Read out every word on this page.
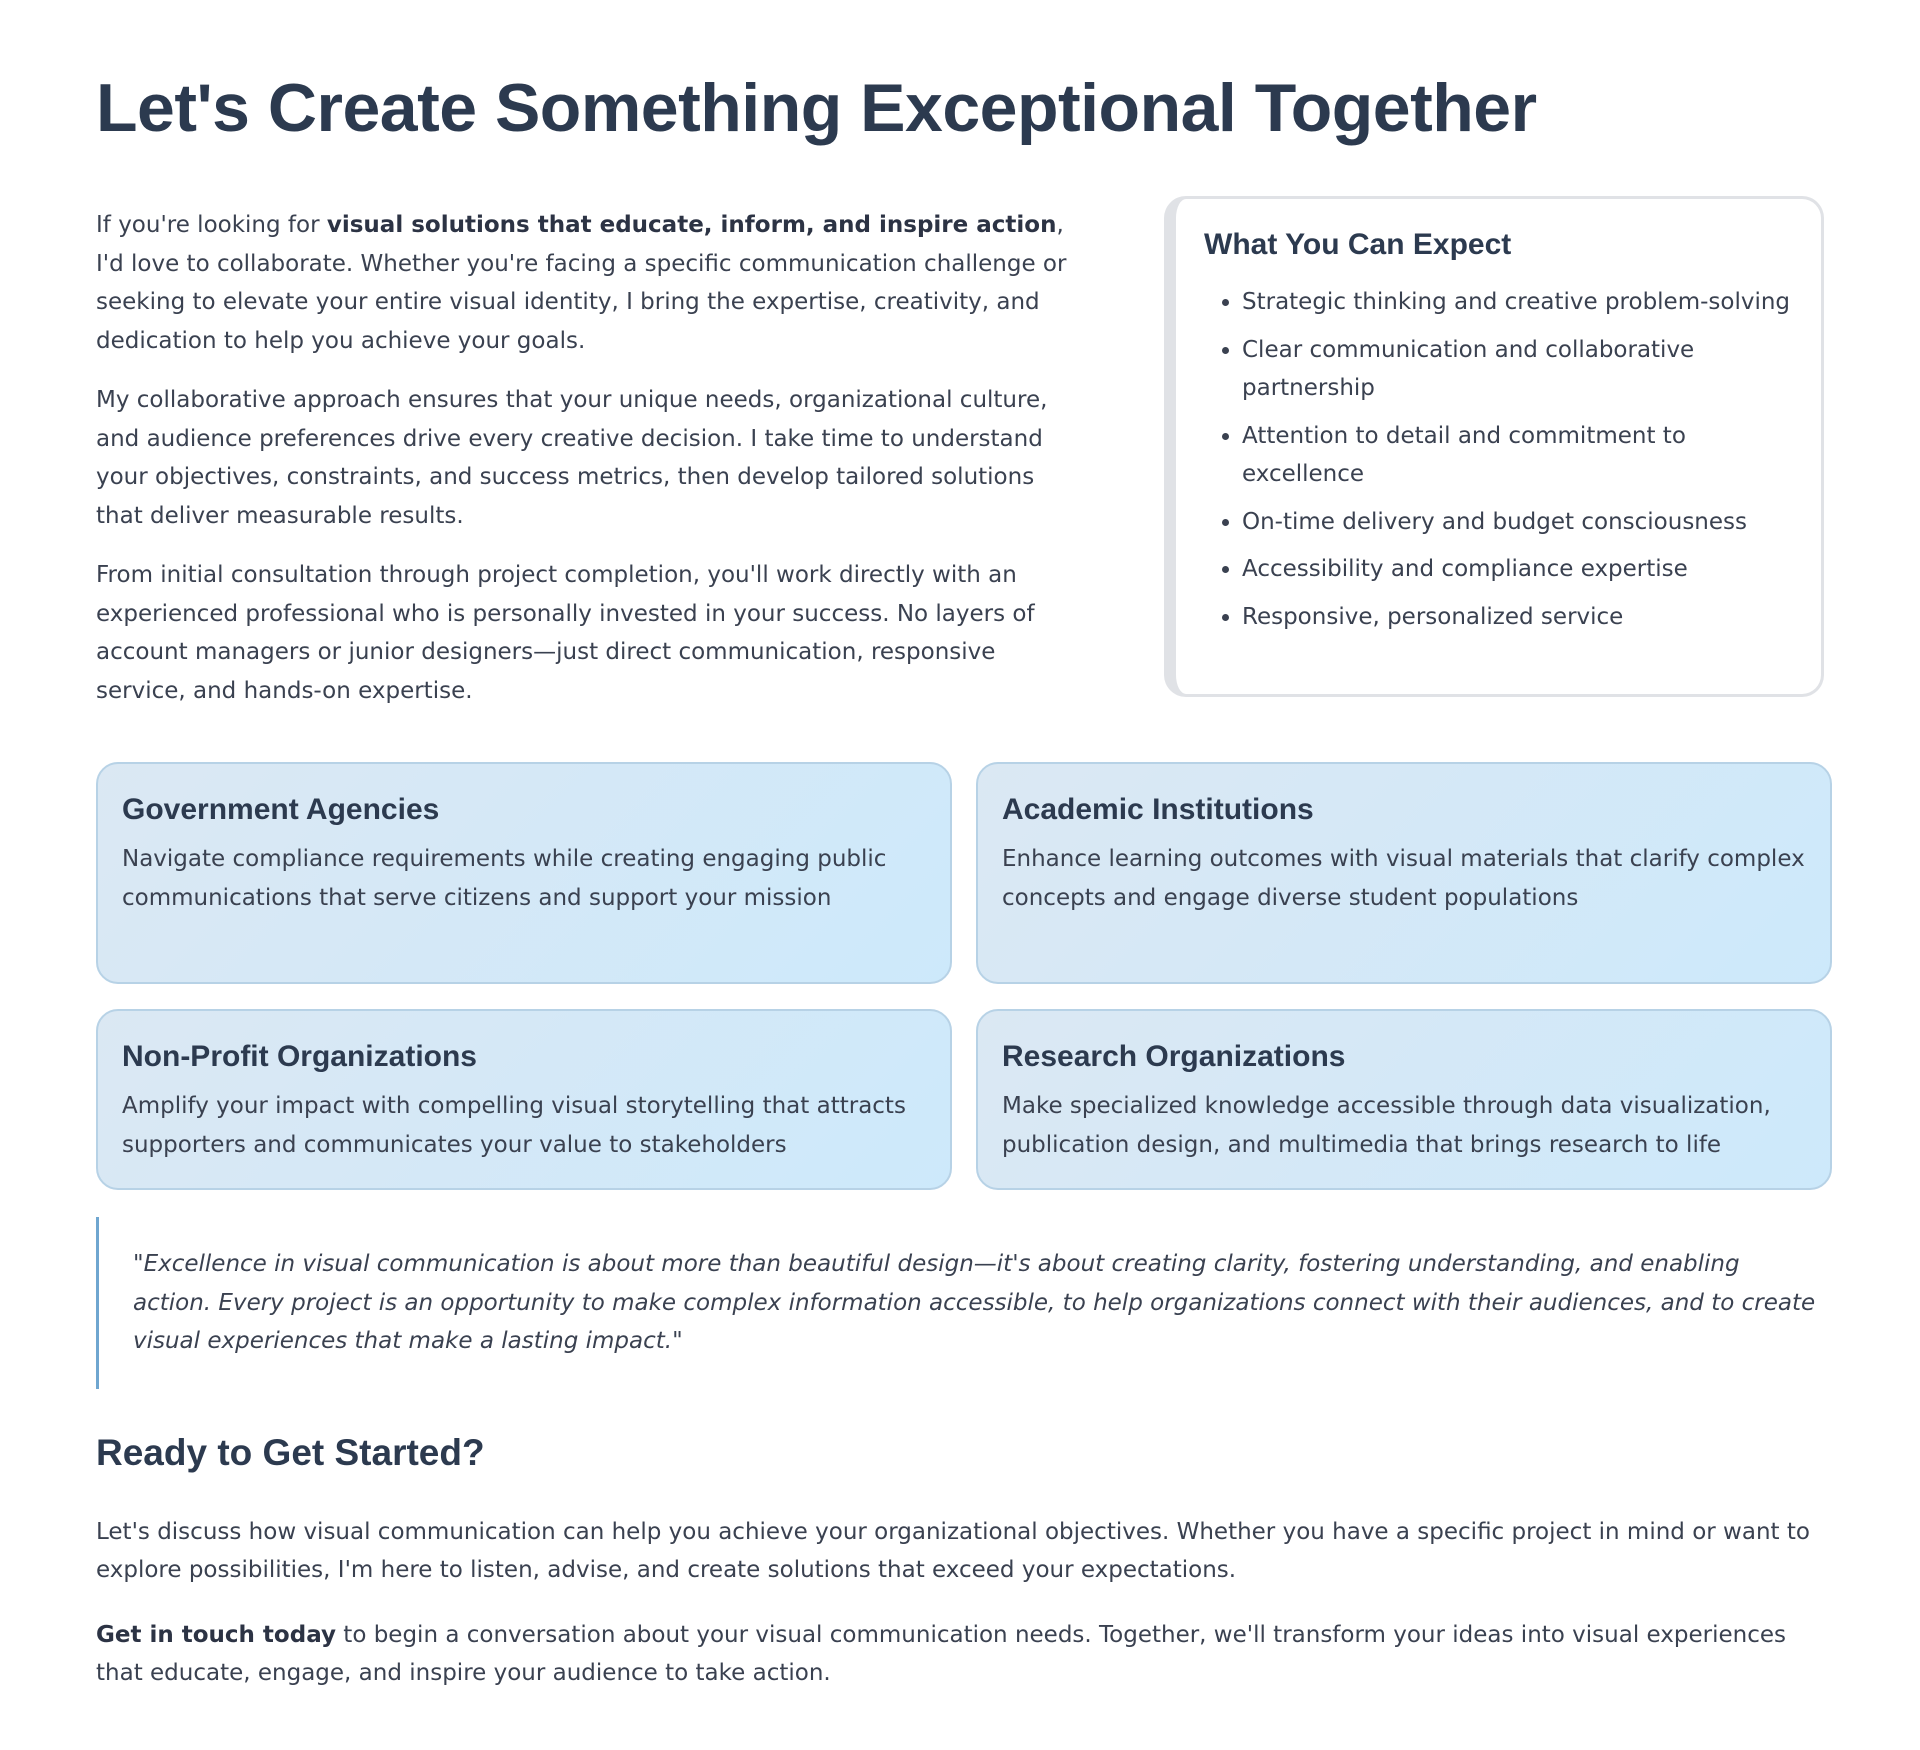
Let's Create Something Exceptional Together

If you're looking for visual solutions that educate, inform, and inspire action, I'd love to collaborate. Whether you're facing a specific communication challenge or seeking to elevate your entire visual identity, I bring the expertise, creativity, and dedication to help you achieve your goals.

My collaborative approach ensures that your unique needs, organizational culture, and audience preferences drive every creative decision. I take time to understand your objectives, constraints, and success metrics, then develop tailored solutions that deliver measurable results.

From initial consultation through project completion, you'll work directly with an experienced professional who is personally invested in your success. No layers of account managers or junior designers—just direct communication, responsive service, and hands-on expertise.

What You Can Expect
• Strategic thinking and creative problem-solving
• Clear communication and collaborative partnership
• Attention to detail and commitment to excellence
• On-time delivery and budget consciousness
• Accessibility and compliance expertise
• Responsive, personalized service
Government Agencies

Navigate compliance requirements while creating engaging public communications that serve citizens and support your mission

Academic Institutions

Enhance learning outcomes with visual materials that clarify complex concepts and engage diverse student populations

Non-Profit Organizations

Amplify your impact with compelling visual storytelling that attracts supporters and communicates your value to stakeholders

Research Organizations

Make specialized knowledge accessible through data visualization, publication design, and multimedia that brings research to life

"Excellence in visual communication is about more than beautiful design—it's about creating clarity, fostering understanding, and enabling action. Every project is an opportunity to make complex information accessible, to help organizations connect with their audiences, and to create visual experiences that make a lasting impact."
Ready to Get Started?

Let's discuss how visual communication can help you achieve your organizational objectives. Whether you have a specific project in mind or want to explore possibilities, I'm here to listen, advise, and create solutions that exceed your expectations.

Get in touch today to begin a conversation about your visual communication needs. Together, we'll transform your ideas into visual experiences that educate, engage, and inspire your audience to take action.
